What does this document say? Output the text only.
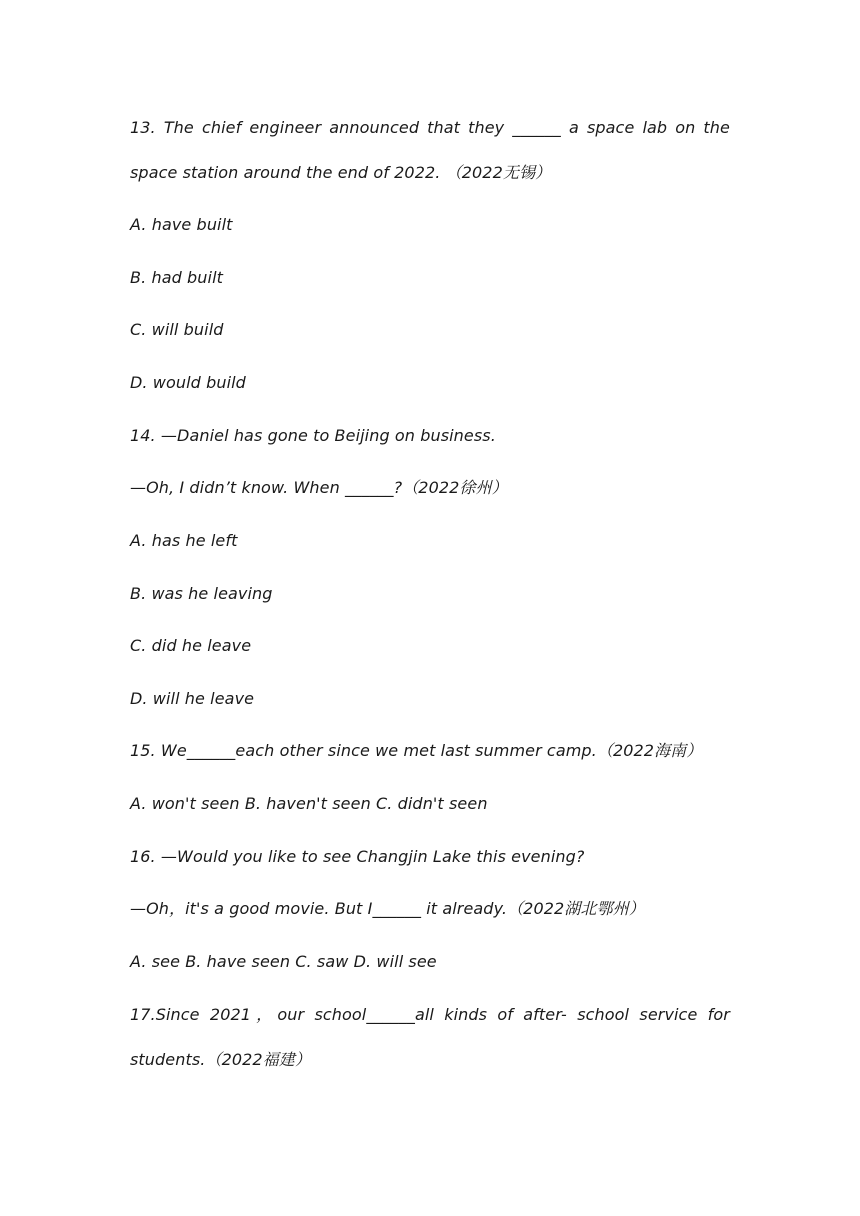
13. The chief engineer announced that they ______ a space lab on the
space station around the end of 2022. （2022无锡）
A. have built
B. had built
C. will build
D. would build
14. —Daniel has gone to Beijing on business.
—Oh, I didn’t know. When ______?（2022徐州）
A. has he left
B. was he leaving
C. did he leave
D. will he leave
15. We______each other since we met last summer camp.（2022海南）
A. won't seen B. haven't seen C. didn't seen
16. —Would you like to see Changjin Lake this evening?
—Oh，it's a good movie. But I______ it already.（2022湖北鄂州）
A. see B. have seen C. saw D. will see
17.Since 2021，our school______all kinds of after- school service for
students.（2022福建）
